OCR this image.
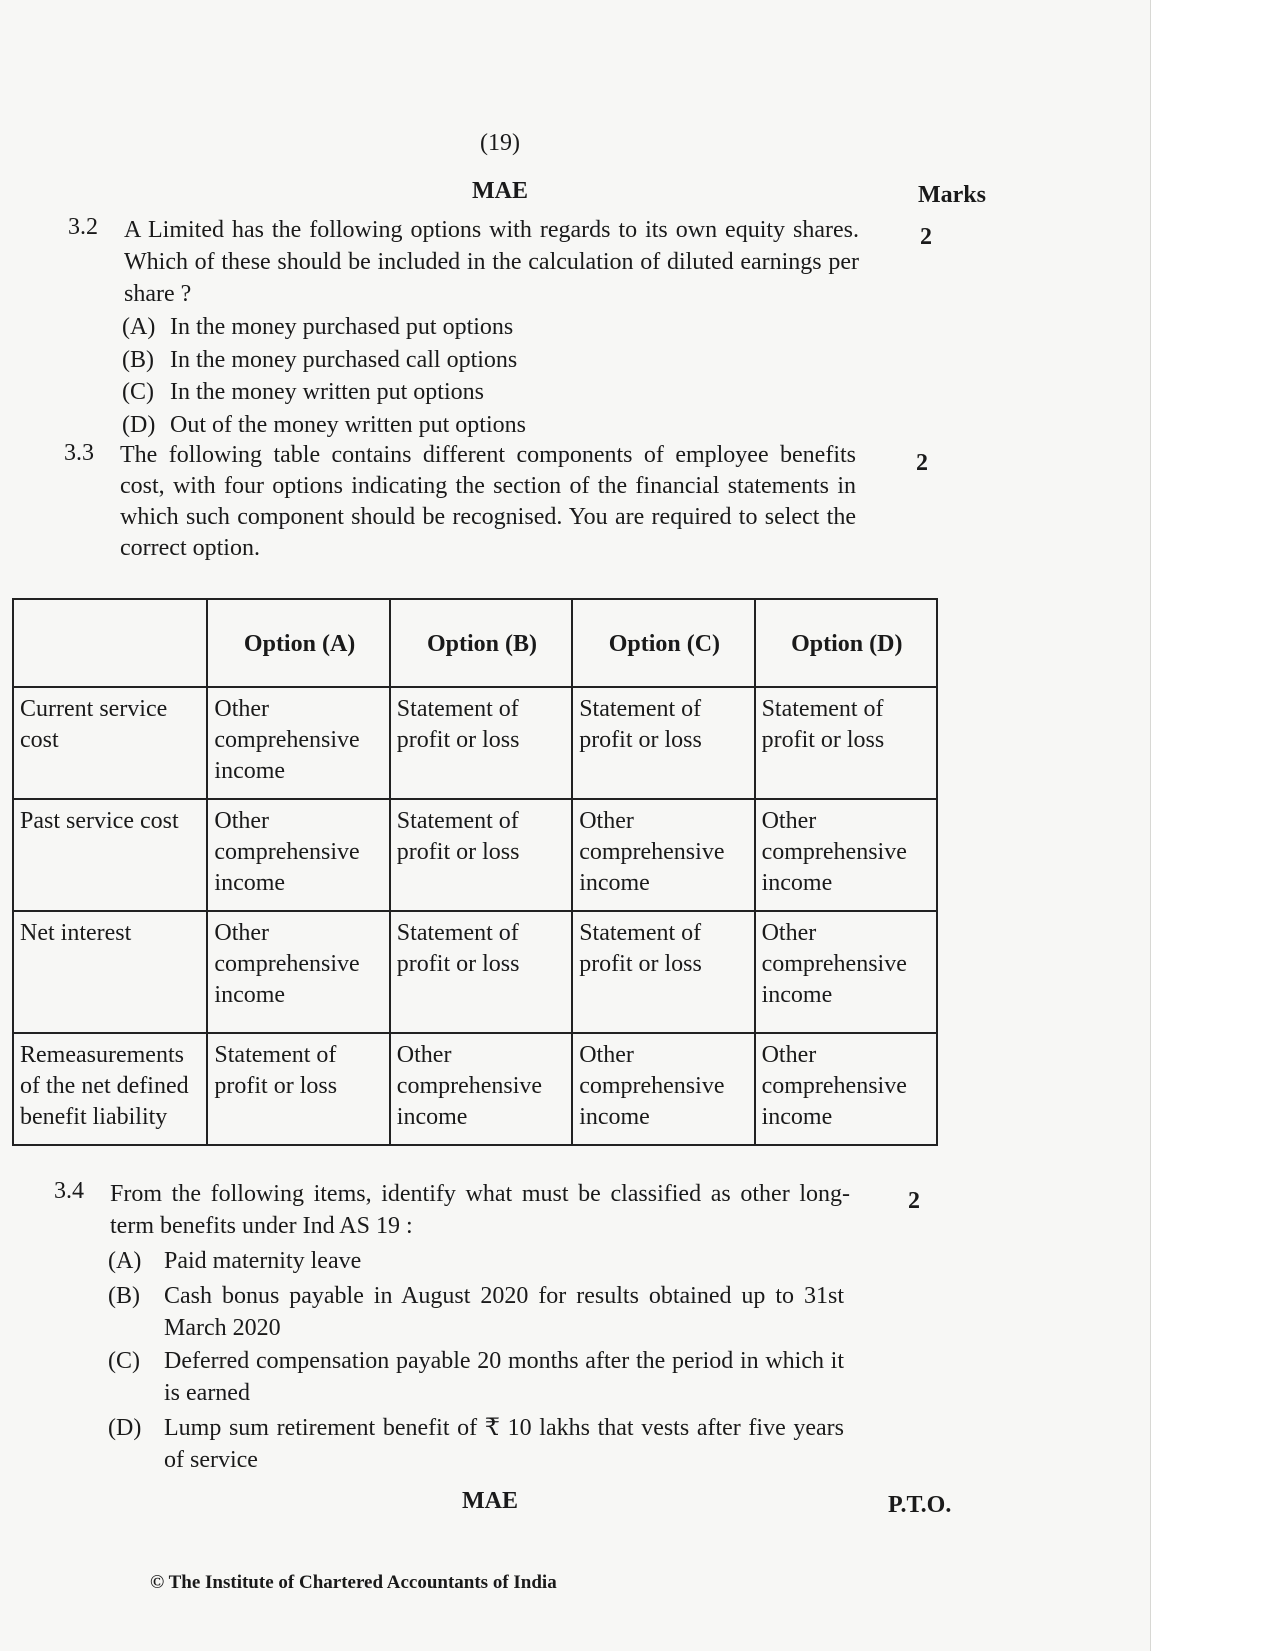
(19)
MAE	Marks
3.2 A Limited has the following options with regards to its own equity shares. Which of these should be included in the calculation of diluted earnings per share ?
2
(A) In the money purchased put options
(B) In the money purchased call options
(C) In the money written put options
(D) Out of the money written put options
3.3 The following table contains different components of employee benefits cost, with four options indicating the section of the financial statements in which such component should be recognised. You are required to select the correct option.
2
	Option (A)	Option (B)	Option (C)	Option (D)
Current service cost	Other comprehensive income	Statement of profit or loss	Statement of profit or loss	Statement of profit or loss
Past service cost	Other comprehensive income	Statement of profit or loss	Other comprehensive income	Other comprehensive income
Net interest	Other comprehensive income	Statement of profit or loss	Statement of profit or loss	Other comprehensive income
Remeasurements of the net defined benefit liability	Statement of profit or loss	Other comprehensive income	Other comprehensive income	Other comprehensive income
3.4 From the following items, identify what must be classified as other long-term benefits under Ind AS 19 :
2
(A) Paid maternity leave
(B)	Cash bonus payable in August 2020 for results obtained up to 31st March 2020
(C)	Deferred compensation payable 20 months after the period in which it is earned
(D) Lump sum retirement benefit of ₹ 10 lakhs that vests after five years of service
MAE	P.T.O.
© The Institute of Chartered Accountants of India
